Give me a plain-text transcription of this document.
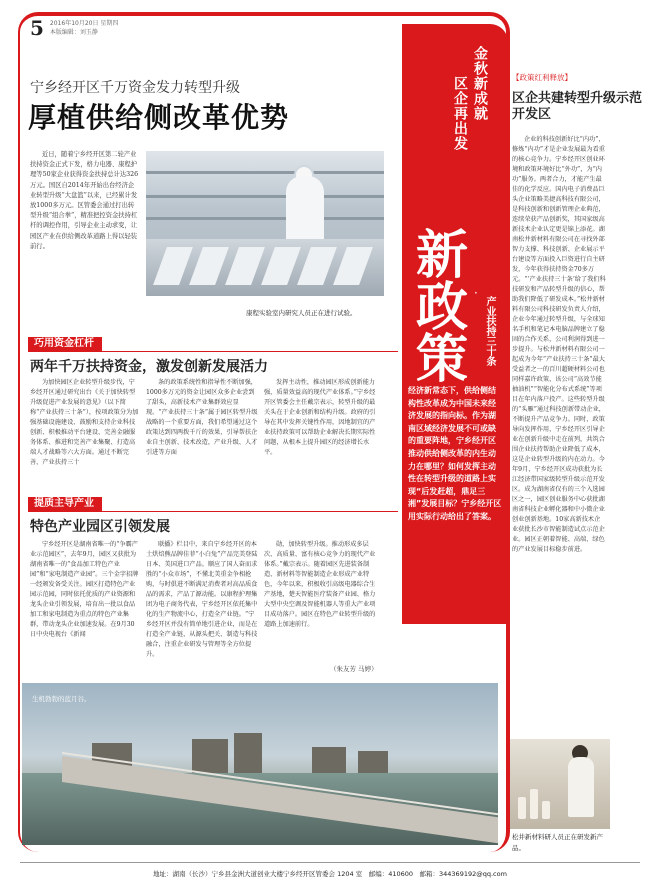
5 2016年10月20日 星期四
本版编辑：刘玉静
宁乡经开区千万资金发力转型升级
厚植供给侧改革优势

近日，随着宁乡经开区第二轮产业扶持资金正式下发，格力电器、康程护理等50家企业获得资金扶持总计达326万元。国区自2014年开始出台经济企业转型升级“大盘篮”以来，已经累计发放1000多万元。区管委会通过打出转型升级“组合拳”，精准把控资金扶持杠杆的调控作用，引导企业主动求变，让园区产业在供给侧改革道路上得以轻装前行。

康程实验室内研究人员正在进行试验。
巧用资金杠杆
两年千万扶持资金，激发创新发展活力

为加快园区企业转型升级步伐，宁乡经开区通过研究出台《关于加快转型升级促进产业发展的意见》（以下简称“产业扶持三十条”），按项政策分为加强基础设施建设、鼓励和支持企业科技创新、积极推动平台建设、完善金融服务体系、推进和完善产业集聚、打造高端人才战略等六大方面。通过不断完善，产业扶持三十

条的政策系统性和指导性不断加强，1000多万元的资金让园区众多企业尝到了甜头，高新技术产业集群效应显现。“产业扶持三十条”属于园区转型升级战略的一个重要方面，我们希望通过这个政策达到四两拨千斤的效果，引导帮扶企业自主创新、技术改造，产业升级、人才引进等方面

发挥主动性，推动园区形成创新能力强，质量效益高的现代产业体系。”宁乡经开区管委会主任戴宗表示，转型升级的最关头在于企业创新和结构升级。政府的引导在其中发挥关键性作用，因地制宜的产业扶持政策可以帮助企业解决长期实际性问题，从根本上提升园区的经济增长水平。

提质主导产业
特色产业园区引领发展

宁乡经开区是湖南省唯一的“争霸产业示范园区”，去年9月，园区又获批为湖南省唯一的“食品加工特色产业园”和“家电制造产业园”。三个金字招牌一经颁发备受关注。园区打造特色产业园示范园，同时依托优质的产业资源和龙头企业引领发展，培育出一批以食品加工和家电制造为重点的特色产业集群，带动龙头企业加速发展。在9月30日中央电视台《新闻

联播》栏目中，来自宁乡经开区的本土烘焙熊品牌佳菲“小白兔”产品完美登陆日本、美国进口产品。顺应了国人奋而求胜的“小众市场”，不懂北美重金争相抢购，与时俱进不断满足消费者对高品质食品的需求，产品了源动能。以康程护理集团为电子商务代表，宁乡经开区依托集中化的生产物流中心，打造全产业链。“宁乡经开区并没有简单地引进企业，而是在打造全产业链，从源头把关、制造与科技融合，注重企业研发与管理等全方位提升。

勋，加快转型升级。推动形成多层次、高质量、富有核心竞争力的现代产业体系。”戴宗表示。随着园区先进装备制造、新材料等智能制造企业形成产业特色，今年以来，积极收引高级电器综合生产基地，楚天智能医疗装备产业园、格力大型中央空调及智能机器人等重大产业项目成功落户。园区在特色产业转型升级的道路上加速前行。

（朱友芳 马婷）
生机勃勃的蓝月谷。
金秋新成就
区企再出发
新
政
策
·
产业扶持三十条

经济新常态下，供给侧结构性改革成为中国未来经济发展的指向标。作为湖南区域经济发展不可或缺的重要阵地，宁乡经开区推动供给侧改革的内生动力在哪里？如何发挥主动性在转型升级的道路上实现“后发赶超，鼎足三湘”发展目标？宁乡经开区用实际行动给出了答案。

【政策红利释放】
区企共建转型升级示范开发区

企业的科技创新好比“内功”，修炼“内功”才是企业发展最为看重的核心竞争力。宁乡经开区创业环境和政策环境好比“外功”，为“内功”服务。两者合力，才能产生最佳的化学反应。国内电子消费品巨头企业策略美捷高科技有限公司，是科技创新和创新管理企业典范，连续荣获产品创新奖，其国家级高新技术企业认定更是锦上添花。湖南松井新材料有限公司在寻找外部智力支撑、科技创新、企业展示平台建设等方面投入巨资进行自主研发，今年获得扶持资金70多万元。“‘产业扶持三十条’给了我们科技研发和产品转型升级的信心，帮助我们降低了研发成本。”松井新材料有限公司科技研发负责人介绍，企业今年通过转型升级，与全球知名手机和笔记本电脑品牌建立了稳固的合作关系，公司利润得到进一步提升。与松井新材料有限公司一起成为今年“产业扶持三十条”最大受益者之一的百川超硬材料公司也同样嘉许政策，该公司“高效节能抽油机”“智能化分布式系统”等项目在年内落户投产。这些转型升级的“头雁”通过科技创新带动企业，不断提升产品竞争力。同时，政策导向发挥作用，宁乡经开区引导企业在创新升级中走在前列，共筑合围企业扶持帮助企业降低了成本，这是企业转型升级的内在动力。今年9月，宁乡经开区成功获批为长江经济带国家级转型升级示范开发区。成为湖南省仅有的三个入选园区之一，园区创业服务中心获批湖南省科技企业孵化器和中小微企业创业创新基地。10家高新技术企业获批长沙市智能制造试点示范企业。园区正朝着智能、高端、绿色的产业发展目标稳步前进。

松井新材料研人员正在研发新产品。
地址：湖南（长沙）宁乡县金洲大道创业大楼宁乡经开区管委会 1204 室　邮编：410600　邮箱：344369192@qq.com
